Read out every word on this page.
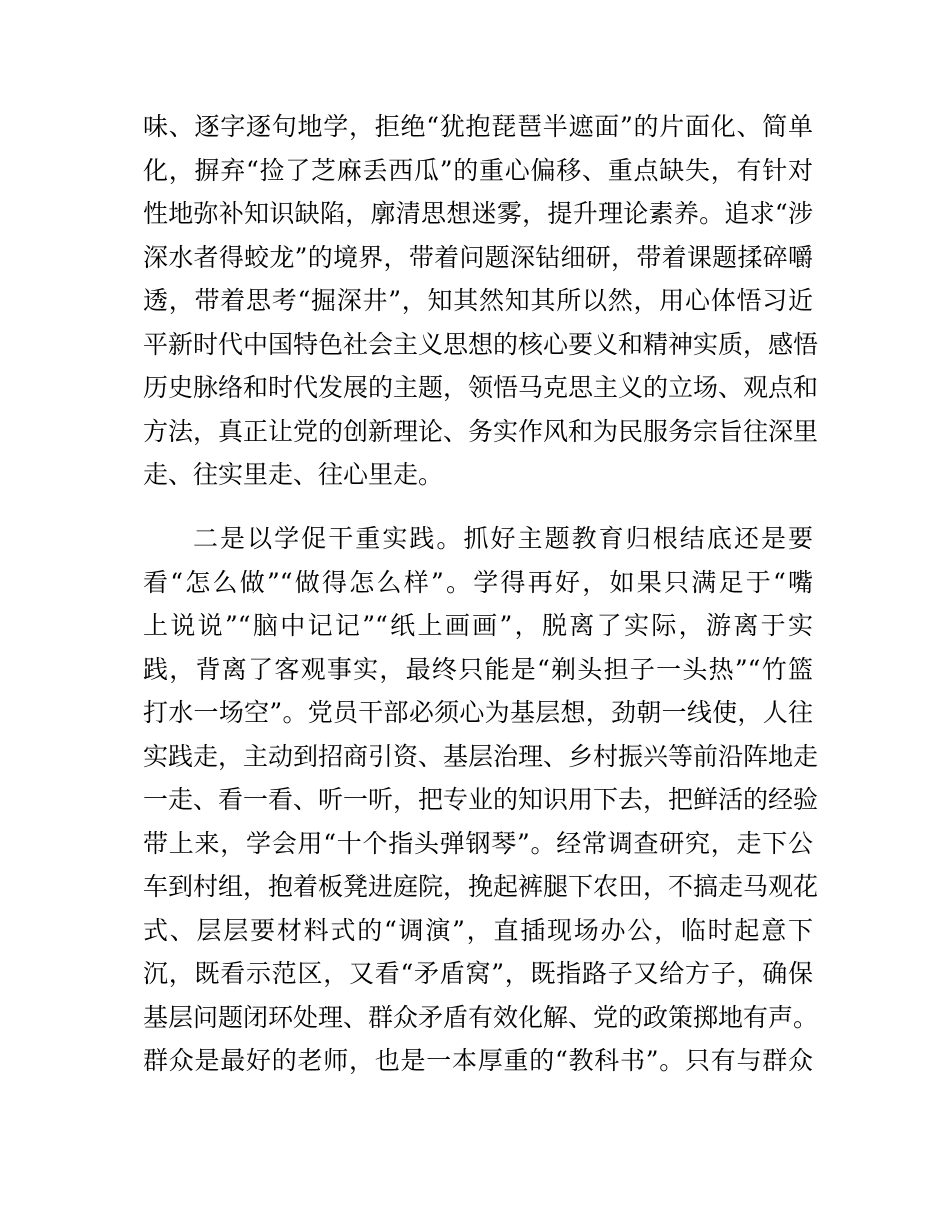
味、逐字逐句地学，拒绝“犹抱琵琶半遮面”的片面化、简单
化，摒弃“捡了芝麻丢西瓜”的重心偏移、重点缺失，有针对
性地弥补知识缺陷，廓清思想迷雾，提升理论素养。追求“涉
深水者得蛟龙”的境界，带着问题深钻细研，带着课题揉碎嚼
透，带着思考“掘深井”，知其然知其所以然，用心体悟习近
平新时代中国特色社会主义思想的核心要义和精神实质，感悟
历史脉络和时代发展的主题，领悟马克思主义的立场、观点和
方法，真正让党的创新理论、务实作风和为民服务宗旨往深里
走、往实里走、往心里走。
二是以学促干重实践。抓好主题教育归根结底还是要
看“怎么做”“做得怎么样”。学得再好，如果只满足于“嘴
上说说”“脑中记记”“纸上画画”，脱离了实际，游离于实
践，背离了客观事实，最终只能是“剃头担子一头热”“竹篮
打水一场空”。党员干部必须心为基层想，劲朝一线使，人往
实践走，主动到招商引资、基层治理、乡村振兴等前沿阵地走
一走、看一看、听一听，把专业的知识用下去，把鲜活的经验
带上来，学会用“十个指头弹钢琴”。经常调查研究，走下公
车到村组，抱着板凳进庭院，挽起裤腿下农田，不搞走马观花
式、层层要材料式的“调演”，直插现场办公，临时起意下
沉，既看示范区，又看“矛盾窝”，既指路子又给方子，确保
基层问题闭环处理、群众矛盾有效化解、党的政策掷地有声。
群众是最好的老师，也是一本厚重的“教科书”。只有与群众
